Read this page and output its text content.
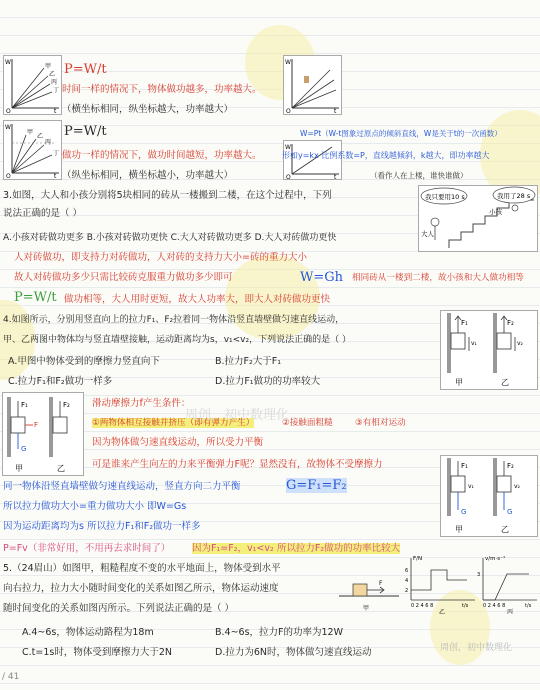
W
O	t
甲
乙
丙
丁
W
O	t
甲
乙
丙
丁
W
O	t
W
O	t
P=W/t
时间一样的情况下，物体做功越多，功率越大。
（横坐标相同，纵坐标越大，功率越大）
P=W/t
做功一样的情况下，做功时间越短，功率越大。
（纵坐标相同，横坐标越小，功率越大）
W=Pt（W-t图象过原点的倾斜直线，W是关于t的一次函数）
形如y=kx 比例系数=P，直线越倾斜，k越大，即功率越大
（看作人在上楼，谁快谁做）
3.如图，大人和小孩分别将5块相同的砖从一楼搬到二楼，在这个过程中，下列
说法正确的是（ ）
A.小孩对砖做功更多 B.小孩对砖做功更快 C.大人对砖做功更多 D.大人对砖做功更快
我只要用10 s	我用了28 s
大人
小孩
人对砖做功，即支持力对砖做功，人对砖的支持力大小=砖的重力大小
故人对砖做功多少只需比较砖克服重力做功多少即可	W=Gh 相同砖从一楼到二楼，故小孩和大人做功相等
P=W/t 做功相等，大人用时更短，故大人功率大，即大人对砖做功更快
4.如图所示，分别用竖直向上的拉力F₁、F₂拉着同一物体沿竖直墙壁做匀速直线运动，
甲、乙两图中物体均与竖直墙壁接触，运动距离均为s，v₁<v₂，下列说法正确的是（ ）
A.甲图中物体受到的摩擦力竖直向下	B.拉力F₂大于F₁
C.拉力F₁和F₂做功一样多	D.拉力F₁做功的功率较大
F₁	F₂
v₁	v₂
甲	乙
F₁
F
G
F₂
甲	乙
滑动摩擦力f产生条件：
①两物体相互接触并挤压（即有弹力产生）	②接触面粗糙	③有相对运动
因为物体做匀速直线运动，所以受力平衡
可是谁来产生向左的力来平衡弹力F呢？显然没有，故物体不受摩擦力	F₁	F₂
v₁	v₂
G	G
甲	乙
同一物体沿竖直墙壁做匀速直线运动，竖直方向二力平衡	G=F₁=F₂
所以拉力做功大小=重力做功大小 即W=Gs
因为运动距离均为s 所以拉力F₁和F₂做功一样多
P=Fv（非常好用，不用再去求时间了） 因为F₁=F₂，v₁<v₂ 所以拉力F₂做功的功率比较大
5.（24眉山）如图甲，粗糙程度不变的水平地面上，物体受到水平
向右拉力，拉力大小随时间变化的关系如图乙所示，物体运动速度
随时间变化的关系如图丙所示。下列说法正确的是（ ）
F
甲
F/N
6
4
2
0 2 4 6 8	t/s
乙
v/m·s⁻¹
3
0 2 4 6 8	t/s
丙
A.4~6s，物体运动路程为18m	B.4~6s，拉力F的功率为12W
C.t=1s时，物体受到摩擦力大于2N	D.拉力为6N时，物体做匀速直线运动
周创，初中数理化
周创，初中数理化
/ 41
